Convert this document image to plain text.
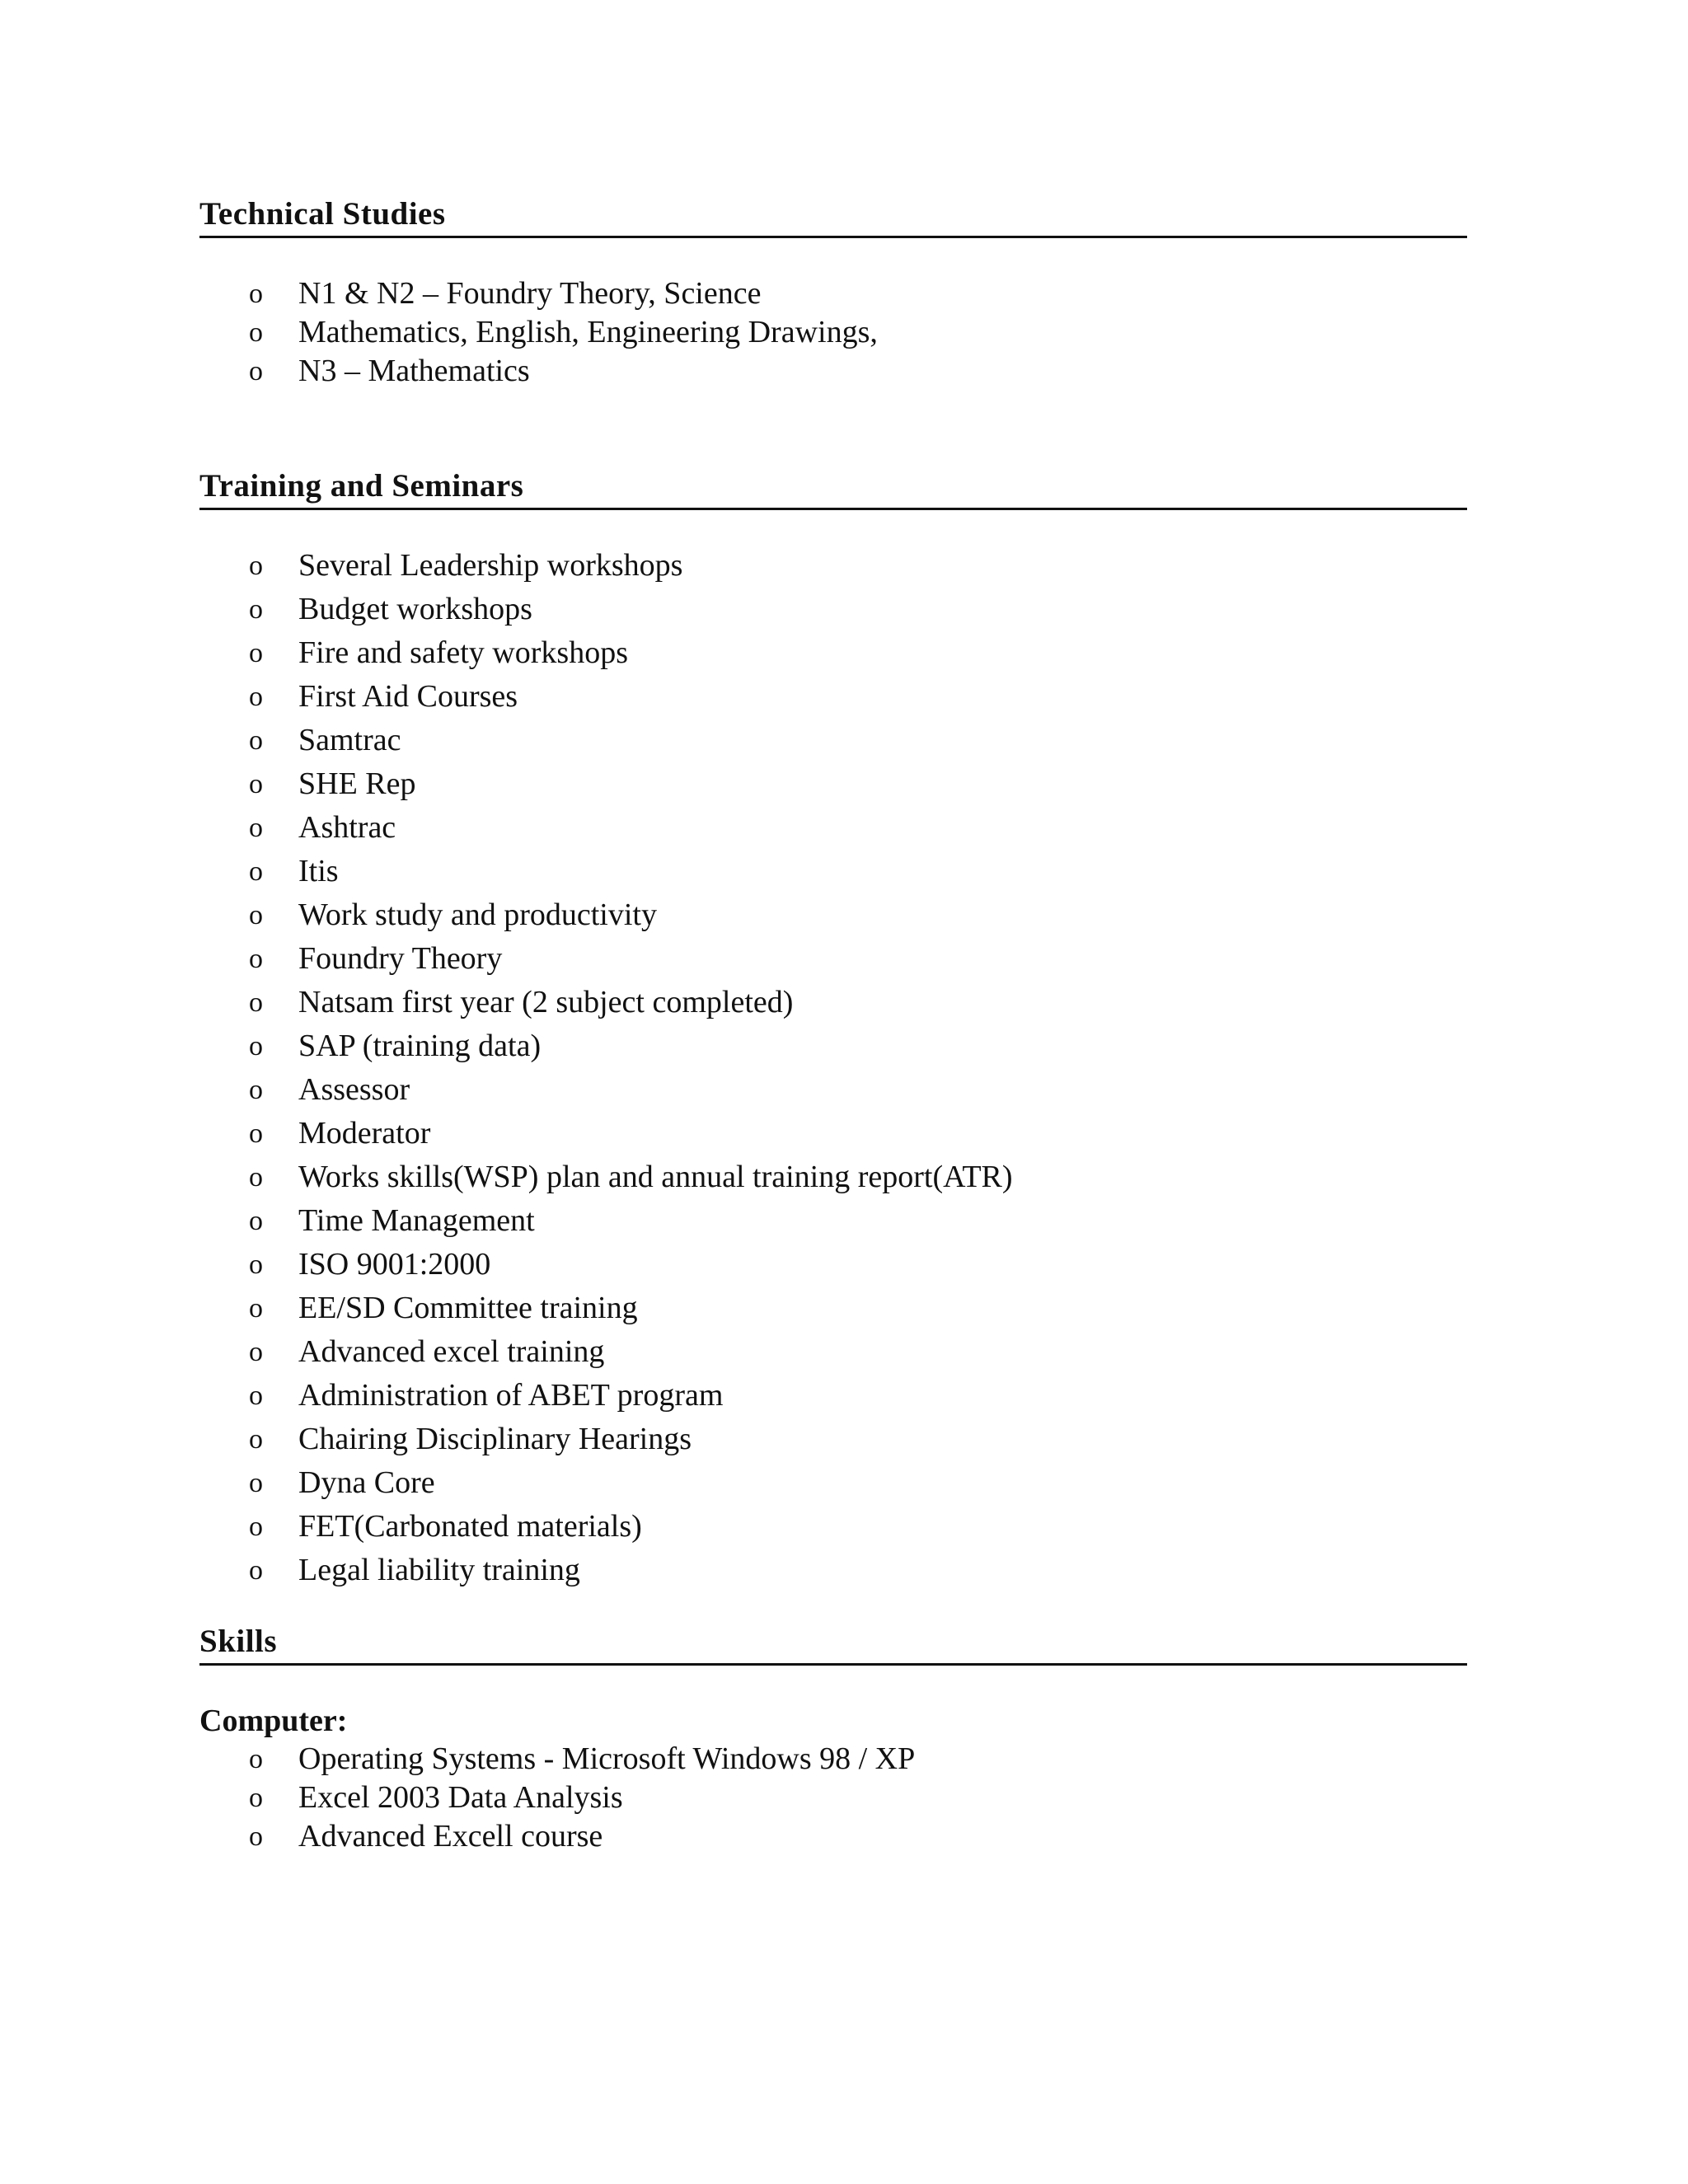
Technical Studies
o N1 & N2 – Foundry Theory, Science
o Mathematics, English, Engineering Drawings,
o N3 – Mathematics
Training and Seminars
o Several Leadership workshops
o Budget workshops
o Fire and safety workshops
o First Aid Courses
o Samtrac
o SHE Rep
o Ashtrac
o Itis
o Work study and productivity
o Foundry Theory
o Natsam first year (2 subject completed)
o SAP (training data)
o Assessor
o Moderator
o Works skills(WSP) plan and annual training report(ATR)
o Time Management
o ISO 9001:2000
o EE/SD Committee training
o Advanced excel training
o Administration of ABET program
o Chairing Disciplinary Hearings
o Dyna Core
o FET(Carbonated materials)
o Legal liability training
Skills

Computer:

o Operating Systems - Microsoft Windows 98 / XP
o Excel 2003 Data Analysis
o Advanced Excell course
